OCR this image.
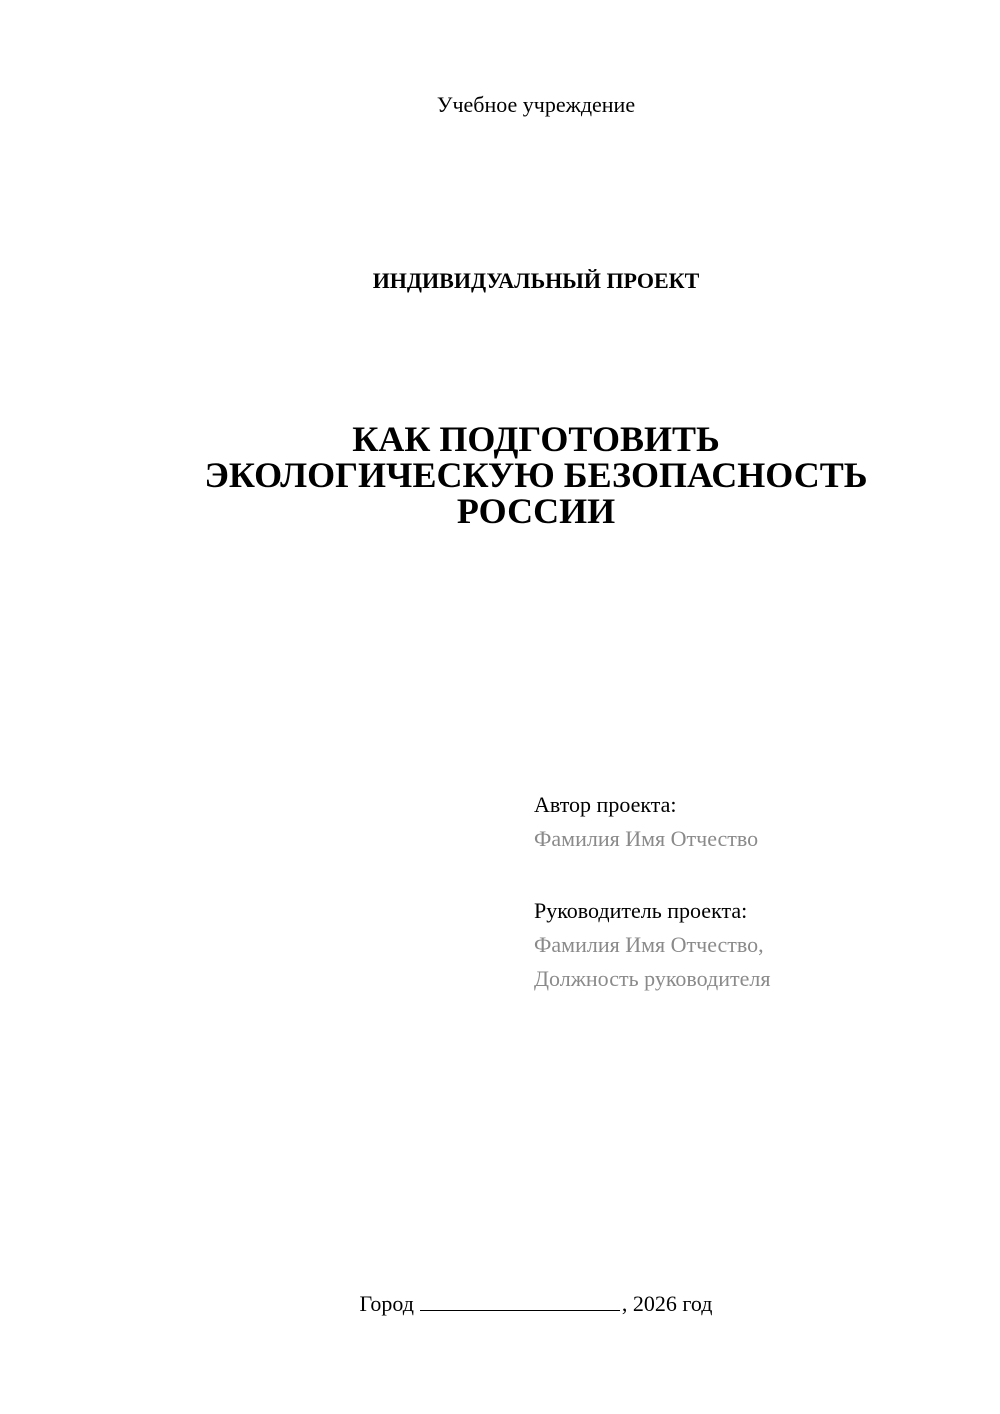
Учебное учреждение
ИНДИВИДУАЛЬНЫЙ ПРОЕКТ
КАК ПОДГОТОВИТЬ
ЭКОЛОГИЧЕСКУЮ БЕЗОПАСНОСТЬ
РОССИИ
Автор проекта:
Фамилия Имя Отчество
Руководитель проекта:
Фамилия Имя Отчество,
Должность руководителя
Город	, 2026 год
